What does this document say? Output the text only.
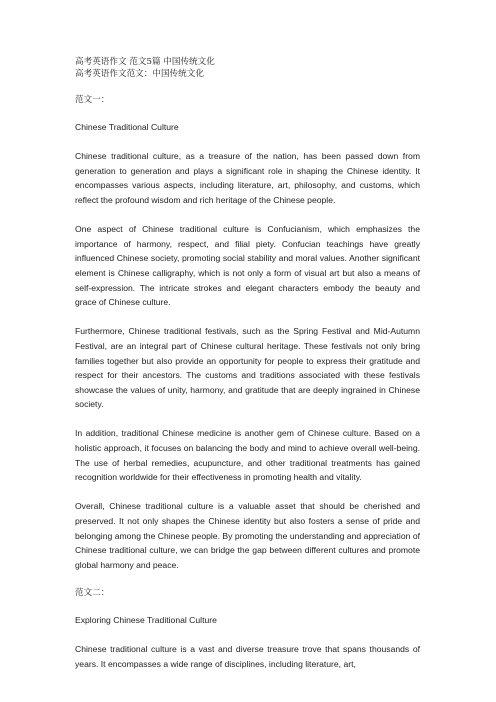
高考英语作文 范文5篇 中国传统文化

高考英语作文范文：中国传统文化

范文一：

Chinese Traditional Culture

Chinese traditional culture, as a treasure of the nation, has been passed down from generation to generation and plays a significant role in shaping the Chinese identity. It encompasses various aspects, including literature, art, philosophy, and customs, which reflect the profound wisdom and rich heritage of the Chinese people.

One aspect of Chinese traditional culture is Confucianism, which emphasizes the importance of harmony, respect, and filial piety. Confucian teachings have greatly influenced Chinese society, promoting social stability and moral values. Another significant element is Chinese calligraphy, which is not only a form of visual art but also a means of self-expression. The intricate strokes and elegant characters embody the beauty and grace of Chinese culture.

Furthermore, Chinese traditional festivals, such as the Spring Festival and Mid-Autumn Festival, are an integral part of Chinese cultural heritage. These festivals not only bring families together but also provide an opportunity for people to express their gratitude and respect for their ancestors. The customs and traditions associated with these festivals showcase the values of unity, harmony, and gratitude that are deeply ingrained in Chinese society.

In addition, traditional Chinese medicine is another gem of Chinese culture. Based on a holistic approach, it focuses on balancing the body and mind to achieve overall well-being. The use of herbal remedies, acupuncture, and other traditional treatments has gained recognition worldwide for their effectiveness in promoting health and vitality.

Overall, Chinese traditional culture is a valuable asset that should be cherished and preserved. It not only shapes the Chinese identity but also fosters a sense of pride and belonging among the Chinese people. By promoting the understanding and appreciation of Chinese traditional culture, we can bridge the gap between different cultures and promote global harmony and peace.

范文二：

Exploring Chinese Traditional Culture

Chinese traditional culture is a vast and diverse treasure trove that spans thousands of years. It encompasses a wide range of disciplines, including literature, art,
